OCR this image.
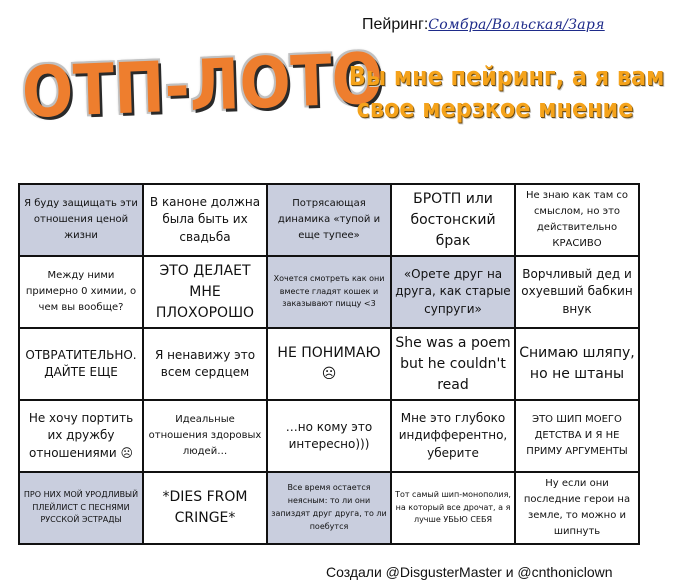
Пейринг:Сомбра/Вольская/Заря
ОТП-ЛОТО
Вы мне пейринг, а я вам
свое мерзкое мнение
Я буду защищать эти отношения ценой жизни	В каноне должна была быть их свадьба	Потрясающая динамика «тупой и еще тупее»	БРОТП или бостонский брак	Не знаю как там со смыслом, но это действительно КРАСИВО
Между ними примерно 0 химии, о чем вы вообще?	ЭТО ДЕЛАЕТ МНЕ ПЛОХОРОШО	Хочется смотреть как они вместе гладят кошек и заказывают пиццу <3	«Орете друг на друга, как старые супруги»	Ворчливый дед и охуевший бабкин внук
ОТВРАТИТЕЛЬНО. ДАЙТЕ ЕЩЕ	Я ненавижу это всем сердцем	НЕ ПОНИМАЮ ☹	She was a poem but he couldn't read	Снимаю шляпу, но не штаны
Не хочу портить их дружбу отношениями ☹	Идеальные отношения здоровых людей…	…но кому это интересно)))	Мне это глубоко индифферентно, уберите	ЭТО ШИП МОЕГО ДЕТСТВА И Я НЕ ПРИМУ АРГУМЕНТЫ
ПРО НИХ МОЙ УРОДЛИВЫЙ ПЛЕЙЛИСТ С ПЕСНЯМИ РУССКОЙ ЭСТРАДЫ	*DIES FROM CRINGE*	Все время остается неясным: то ли они запиздят друг друга, то ли поебутся	Тот самый шип-монополия, на который все дрочат, а я лучше УБЬЮ СЕБЯ	Ну если они последние герои на земле, то можно и шипнуть
Создали @DisgusterMaster и @cnthoniclown
